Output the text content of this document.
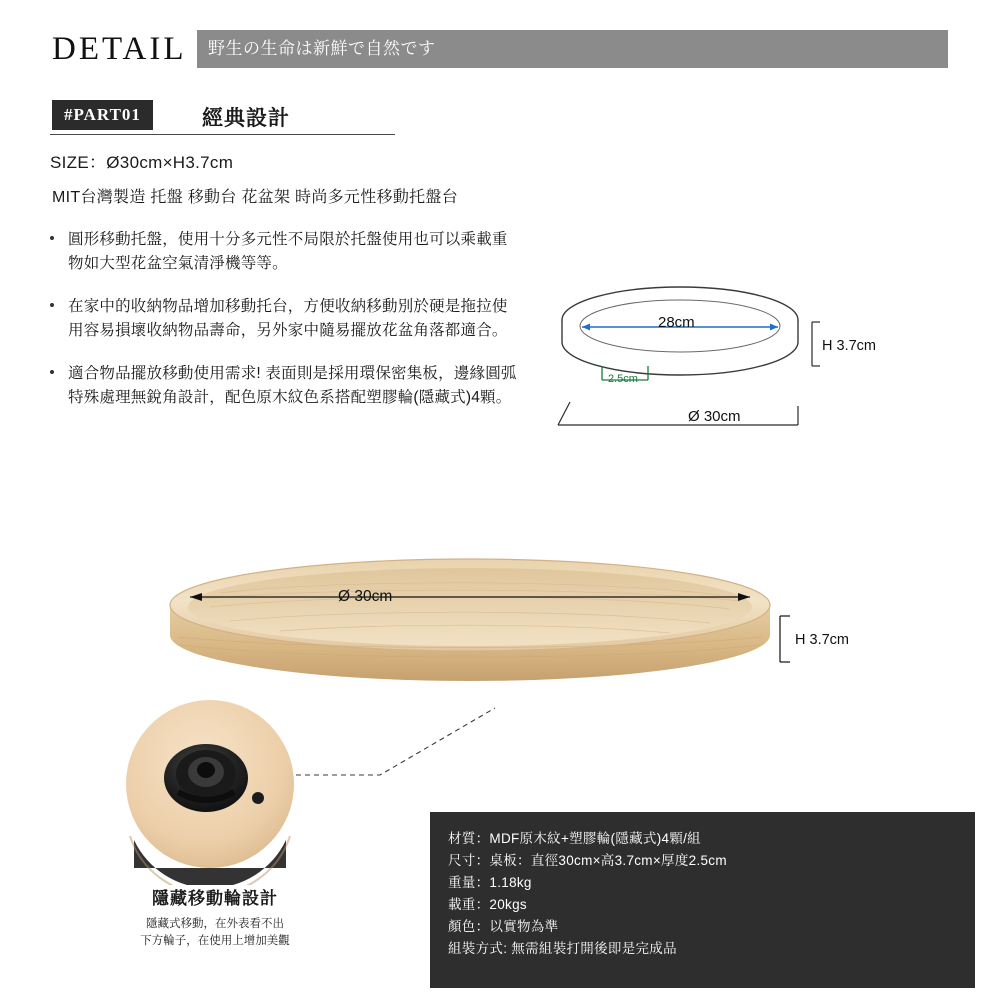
DETAIL 野生の生命は新鮮で自然です
#PART01	經典設計
SIZE：Ø30cm×H3.7cm
MIT台灣製造 托盤 移動台 花盆架 時尚多元性移動托盤台
圓形移動托盤，使用十分多元性不局限於托盤使用也可以乘載重物如大型花盆空氣清淨機等等。
在家中的收納物品增加移動托台，方便收納移動別於硬是拖拉使用容易損壞收納物品壽命，另外家中隨易擺放花盆角落都適合。
適合物品擺放移動使用需求! 表面則是採用環保密集板，邊緣圓弧特殊處理無銳角設計，配色原木紋色系搭配塑膠輪(隱藏式)4顆。
28cm
2.5cm
H 3.7cm
Ø 30cm
Ø 30cm
H 3.7cm
隱藏移動輪設計
隱藏式移動，在外表看不出
下方輪子，在使用上增加美觀
材質：MDF原木紋+塑膠輪(隱藏式)4顆/組
尺寸：桌板：直徑30cm×高3.7cm×厚度2.5cm
重量：1.18kg
載重：20kgs
顏色：以實物為準
組裝方式: 無需組裝打開後即是完成品
